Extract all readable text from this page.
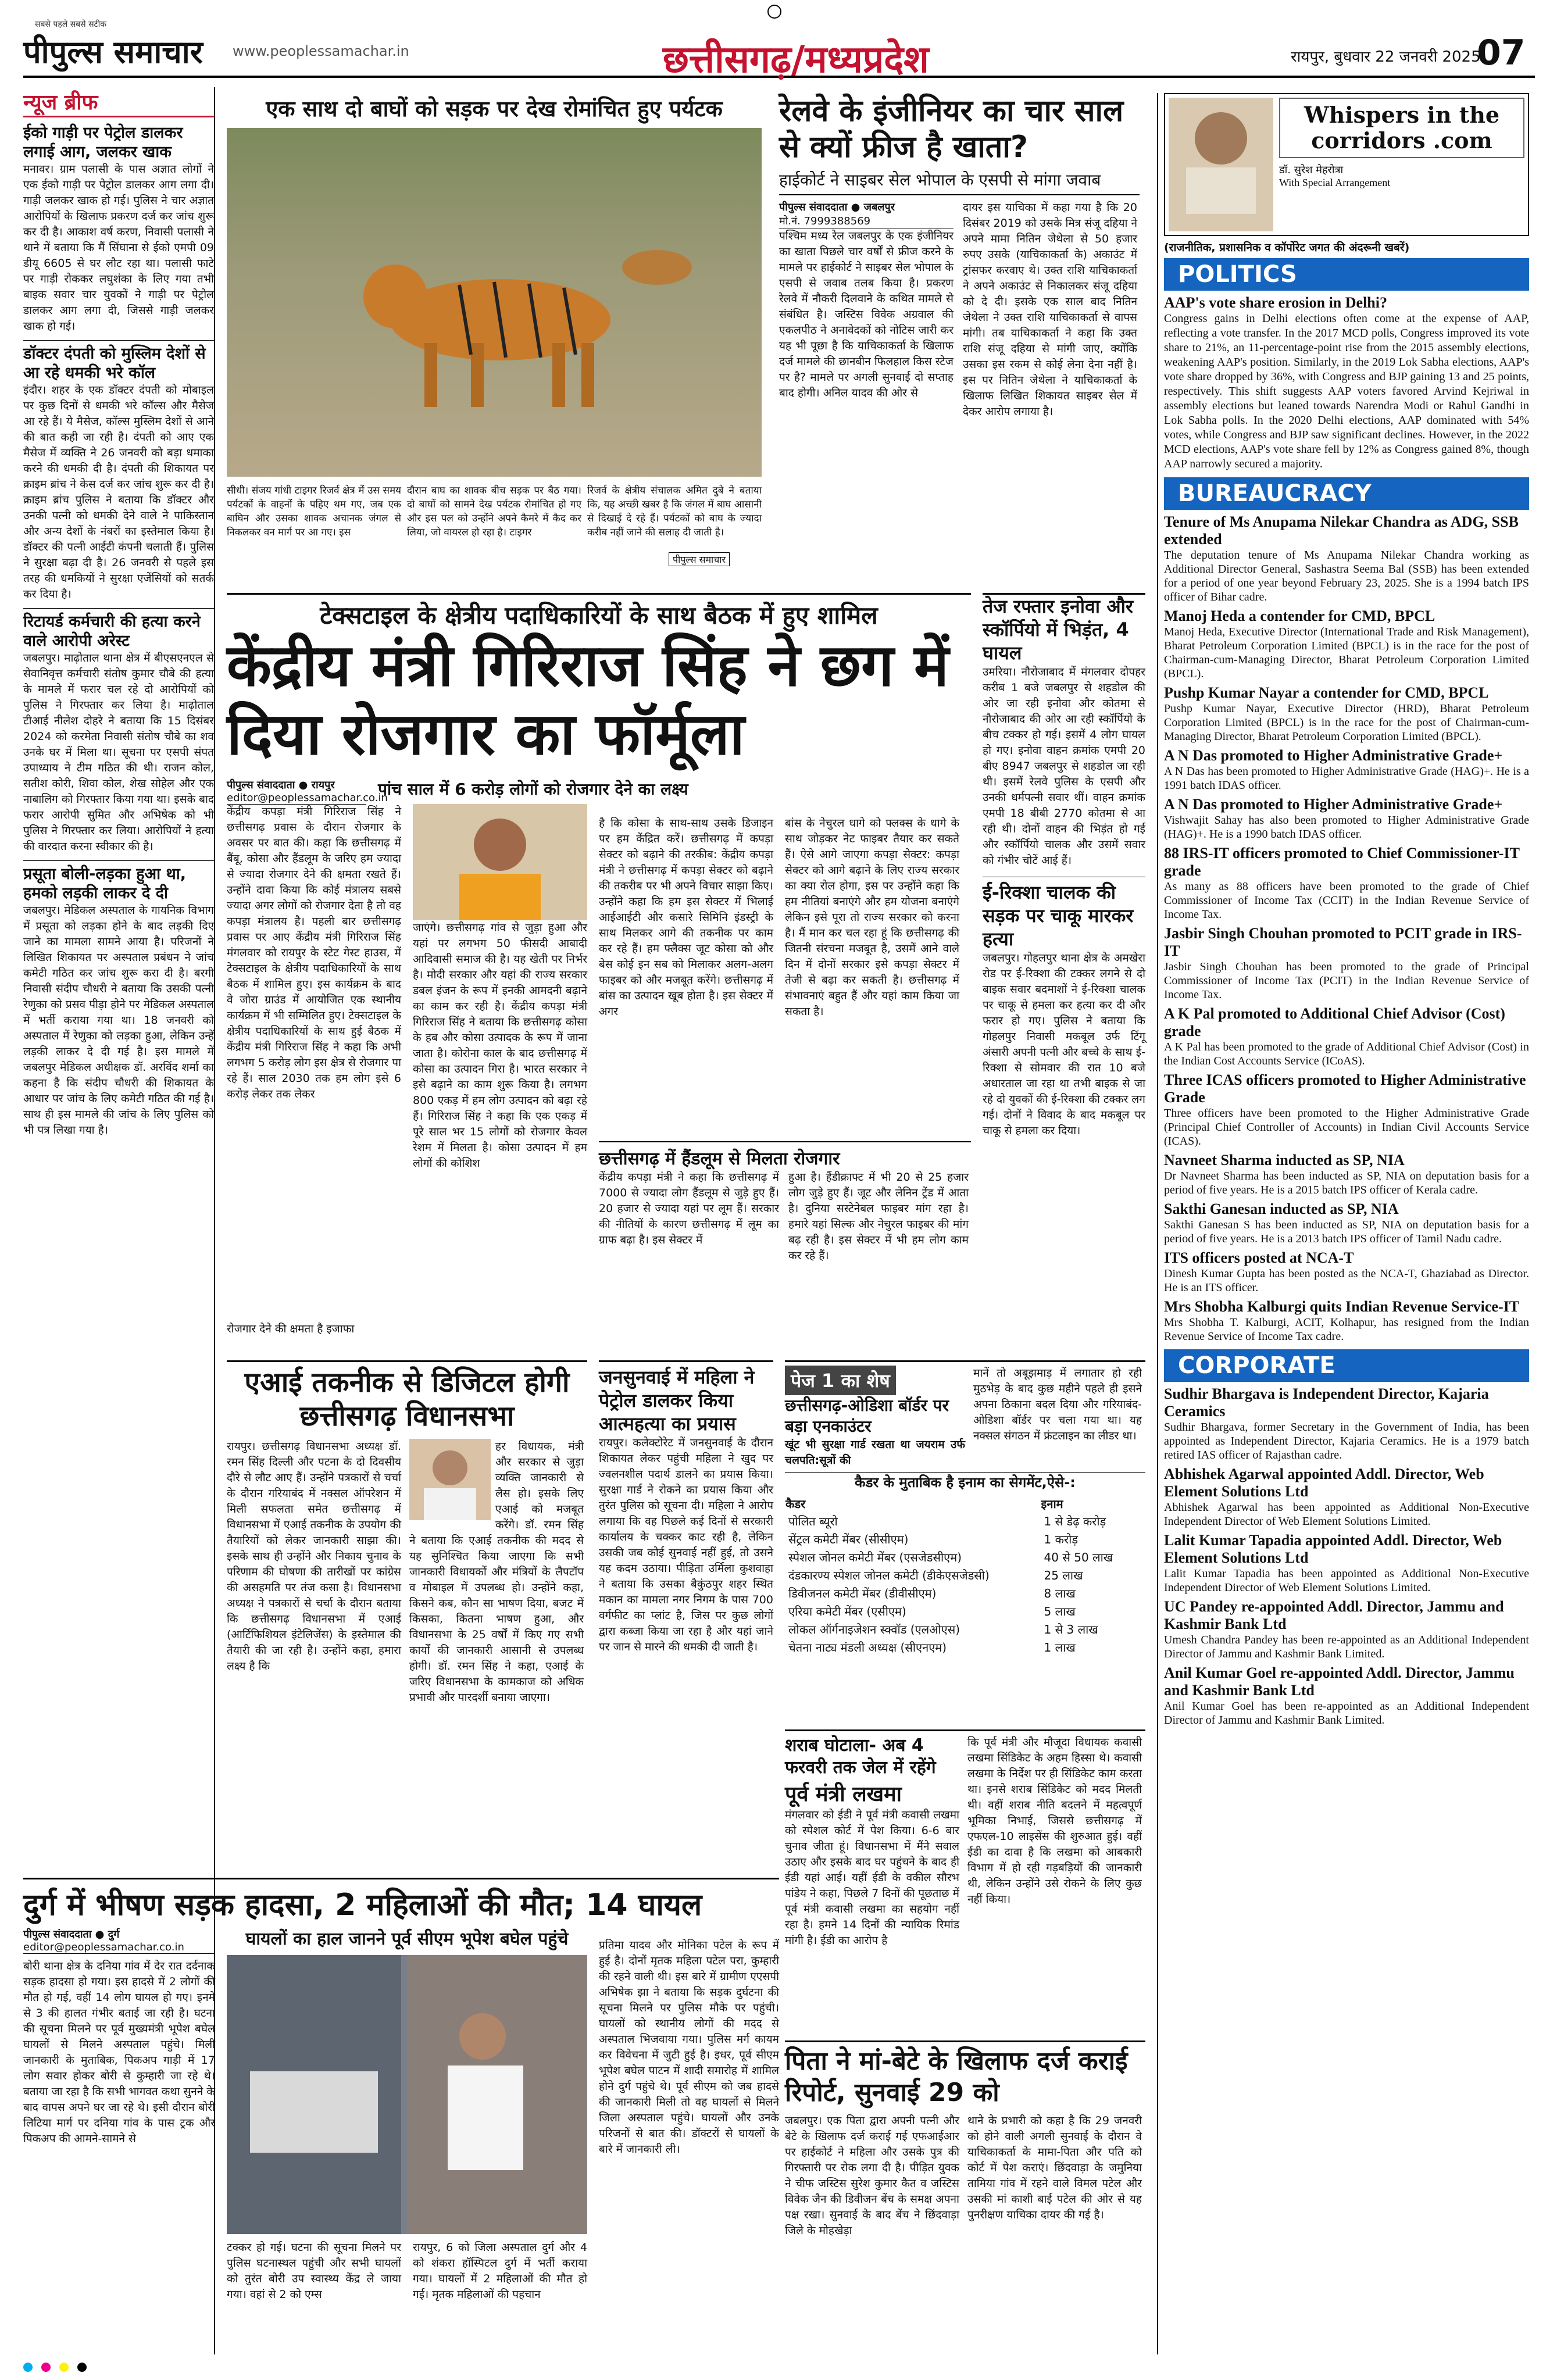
सबसे पहले सबसे सटीक
पीपुल्स समाचार www.peoplessamachar.in	छत्तीसगढ़/मध्यप्रदेश	रायपुर, बुधवार 22 जनवरी 2025
07
न्यूज ब्रीफ
ईको गाड़ी पर पेट्रोल डालकर लगाई आग, जलकर खाक
मनावर। ग्राम पलासी के पास अज्ञात लोगों ने एक ईको गाड़ी पर पेट्रोल डालकर आग लगा दी। गाड़ी जलकर खाक हो गई। पुलिस ने चार अज्ञात आरोपियों के खिलाफ प्रकरण दर्ज कर जांच शुरू कर दी है। आकाश वर्ष करण, निवासी पलासी ने थाने में बताया कि मैं सिंघाना से ईको एमपी 09 डीयू 6605 से घर लौट रहा था। पलासी फाटे पर गाड़ी रोककर लघुशंका के लिए गया तभी बाइक सवार चार युवकों ने गाड़ी पर पेट्रोल डालकर आग लगा दी, जिससे गाड़ी जलकर खाक हो गई।
डॉक्टर दंपती को मुस्लिम देशों से आ रहे धमकी भरे कॉल
इंदौर। शहर के एक डॉक्टर दंपती को मोबाइल पर कुछ दिनों से धमकी भरे कॉल्स और मैसेज आ रहे हैं। ये मैसेज, कॉल्स मुस्लिम देशों से आने की बात कही जा रही है। दंपती को आए एक मैसेज में व्यक्ति ने 26 जनवरी को बड़ा धमाका करने की धमकी दी है। दंपती की शिकायत पर क्राइम ब्रांच ने केस दर्ज कर जांच शुरू कर दी है। क्राइम ब्रांच पुलिस ने बताया कि डॉक्टर और उनकी पत्नी को धमकी देने वाले ने पाकिस्तान और अन्य देशों के नंबरों का इस्तेमाल किया है। डॉक्टर की पत्नी आईटी कंपनी चलाती हैं। पुलिस ने सुरक्षा बढ़ा दी है। 26 जनवरी से पहले इस तरह की धमकियों ने सुरक्षा एजेंसियों को सतर्क कर दिया है।
रिटायर्ड कर्मचारी की हत्या करने वाले आरोपी अरेस्ट
जबलपुर। माढ़ोताल थाना क्षेत्र में बीएसएनएल से सेवानिवृत्त कर्मचारी संतोष कुमार चौबे की हत्या के मामले में फरार चल रहे दो आरोपियों को पुलिस ने गिरफ्तार कर लिया है। माढ़ोताल टीआई नीलेश दोहरे ने बताया कि 15 दिसंबर 2024 को करमेता निवासी संतोष चौबे का शव उनके घर में मिला था। सूचना पर एसपी संपत उपाध्याय ने टीम गठित की थी। राजन कोल, सतीश कोरी, शिवा कोल, शेख सोहेल और एक नाबालिग को गिरफ्तार किया गया था। इसके बाद फरार आरोपी सुमित और अभिषेक को भी पुलिस ने गिरफ्तार कर लिया। आरोपियों ने हत्या की वारदात करना स्वीकार की है।
प्रसूता बोली-लड़का हुआ था, हमको लड़की लाकर दे दी
जबलपुर। मेडिकल अस्पताल के गायनिक विभाग में प्रसूता को लड़का होने के बाद लड़की दिए जाने का मामला सामने आया है। परिजनों ने लिखित शिकायत पर अस्पताल प्रबंधन ने जांच कमेटी गठित कर जांच शुरू करा दी है। बरगी निवासी संदीप चौधरी ने बताया कि उसकी पत्नी रेणुका को प्रसव पीड़ा होने पर मेडिकल अस्पताल में भर्ती कराया गया था। 18 जनवरी को अस्पताल में रेणुका को लड़का हुआ, लेकिन उन्हें लड़की लाकर दे दी गई है। इस मामले में जबलपुर मेडिकल अधीक्षक डॉ. अरविंद शर्मा का कहना है कि संदीप चौधरी की शिकायत के आधार पर जांच के लिए कमेटी गठित की गई है। साथ ही इस मामले की जांच के लिए पुलिस को भी पत्र लिखा गया है।
एक साथ दो बाघों को सड़क पर देख रोमांचित हुए पर्यटक
सीधी। संजय गांधी टाइगर रिजर्व क्षेत्र में उस समय पर्यटकों के वाहनों के पहिए थम गए, जब एक बाघिन और उसका शावक अचानक जंगल से निकलकर वन मार्ग पर आ गए। इस
दौरान बाघ का शावक बीच सड़क पर बैठ गया। दो बाघों को सामने देख पर्यटक रोमांचित हो गए और इस पल को उन्होंने अपने कैमरे में कैद कर लिया, जो वायरल हो रहा है। टाइगर
रिजर्व के क्षेत्रीय संचालक अमित दुबे ने बताया कि, यह अच्छी खबर है कि जंगल में बाघ आसानी से दिखाई दे रहे हैं। पर्यटकों को बाघ के ज्यादा करीब नहीं जाने की सलाह दी जाती है।
पीपुल्स समाचार
रेलवे के इंजीनियर का चार साल से क्यों फ्रीज है खाता?
हाईकोर्ट ने साइबर सेल भोपाल के एसपी से मांगा जवाब
पीपुल्स संवाददाता ● जबलपुर
मो.नं. 7999388569
पश्चिम मध्य रेल जबलपुर के एक इंजीनियर का खाता पिछले चार वर्षों से फ्रीज करने के मामले पर हाईकोर्ट ने साइबर सेल भोपाल के एसपी से जवाब तलब किया है। प्रकरण रेलवे में नौकरी दिलवाने के कथित मामले से संबंधित है। जस्टिस विवेक अग्रवाल की एकलपीठ ने अनावेदकों को नोटिस जारी कर यह भी पूछा है कि याचिकाकर्ता के खिलाफ दर्ज मामले की छानबीन फिलहाल किस स्टेज पर है? मामले पर अगली सुनवाई दो सप्ताह बाद होगी। अनिल यादव की ओर से
दायर इस याचिका में कहा गया है कि 20 दिसंबर 2019 को उसके मित्र संजू दहिया ने अपने मामा नितिन जेथेला से 50 हजार रुपए उसके (याचिकाकर्ता के) अकाउंट में ट्रांसफर करवाए थे। उक्त राशि याचिकाकर्ता ने अपने अकाउंट से निकालकर संजू दहिया को दे दी। इसके एक साल बाद नितिन जेथेला ने उक्त राशि याचिकाकर्ता से वापस मांगी। तब याचिकाकर्ता ने कहा कि उक्त राशि संजू दहिया से मांगी जाए, क्योंकि उसका इस रकम से कोई लेना देना नहीं है। इस पर नितिन जेथेला ने याचिकाकर्ता के खिलाफ लिखित शिकायत साइबर सेल में देकर आरोप लगाया है।
Whispers in the corridors .com
डॉ. सुरेश मेहरोत्रा
With Special Arrangement
(राजनीतिक, प्रशासनिक व कॉर्पोरेट जगत की अंदरूनी खबरें)
POLITICS
AAP's vote share erosion in Delhi?
Congress gains in Delhi elections often come at the expense of AAP, reflecting a vote transfer. In the 2017 MCD polls, Congress improved its vote share to 21%, an 11-percentage-point rise from the 2015 assembly elections, weakening AAP's position. Similarly, in the 2019 Lok Sabha elections, AAP's vote share dropped by 36%, with Congress and BJP gaining 13 and 25 points, respectively. This shift suggests AAP voters favored Arvind Kejriwal in assembly elections but leaned towards Narendra Modi or Rahul Gandhi in Lok Sabha polls. In the 2020 Delhi elections, AAP dominated with 54% votes, while Congress and BJP saw significant declines. However, in the 2022 MCD elections, AAP's vote share fell by 12% as Congress gained 8%, though AAP narrowly secured a majority.
BUREAUCRACY
Tenure of Ms Anupama Nilekar Chandra as ADG, SSB extended
The deputation tenure of Ms Anupama Nilekar Chandra working as Additional Director General, Sashastra Seema Bal (SSB) has been extended for a period of one year beyond February 23, 2025. She is a 1994 batch IPS officer of Bihar cadre.
Manoj Heda a contender for CMD, BPCL
Manoj Heda, Executive Director (International Trade and Risk Management), Bharat Petroleum Corporation Limited (BPCL) is in the race for the post of Chairman-cum-Managing Director, Bharat Petroleum Corporation Limited (BPCL).
Pushp Kumar Nayar a contender for CMD, BPCL
Pushp Kumar Nayar, Executive Director (HRD), Bharat Petroleum Corporation Limited (BPCL) is in the race for the post of Chairman-cum-Managing Director, Bharat Petroleum Corporation Limited (BPCL).
A N Das promoted to Higher Administrative Grade+
A N Das has been promoted to Higher Administrative Grade (HAG)+. He is a 1991 batch IDAS officer.
A N Das promoted to Higher Administrative Grade+
Vishwajit Sahay has also been promoted to Higher Administrative Grade (HAG)+. He is a 1990 batch IDAS officer.
88 IRS-IT officers promoted to Chief Commissioner-IT grade
As many as 88 officers have been promoted to the grade of Chief Commissioner of Income Tax (CCIT) in the Indian Revenue Service of Income Tax.
Jasbir Singh Chouhan promoted to PCIT grade in IRS-IT
Jasbir Singh Chouhan has been promoted to the grade of Principal Commissioner of Income Tax (PCIT) in the Indian Revenue Service of Income Tax.
A K Pal promoted to Additional Chief Advisor (Cost) grade
A K Pal has been promoted to the grade of Additional Chief Advisor (Cost) in the Indian Cost Accounts Service (ICoAS).
Three ICAS officers promoted to Higher Administrative Grade
Three officers have been promoted to the Higher Administrative Grade (Principal Chief Controller of Accounts) in Indian Civil Accounts Service (ICAS).
Navneet Sharma inducted as SP, NIA
Dr Navneet Sharma has been inducted as SP, NIA on deputation basis for a period of five years. He is a 2015 batch IPS officer of Kerala cadre.
Sakthi Ganesan inducted as SP, NIA
Sakthi Ganesan S has been inducted as SP, NIA on deputation basis for a period of five years. He is a 2013 batch IPS officer of Tamil Nadu cadre.
ITS officers posted at NCA-T
Dinesh Kumar Gupta has been posted as the NCA-T, Ghaziabad as Director. He is an ITS officer.
Mrs Shobha Kalburgi quits Indian Revenue Service-IT
Mrs Shobha T. Kalburgi, ACIT, Kolhapur, has resigned from the Indian Revenue Service of Income Tax cadre.
CORPORATE
Sudhir Bhargava is Independent Director, Kajaria Ceramics
Sudhir Bhargava, former Secretary in the Government of India, has been appointed as Independent Director, Kajaria Ceramics. He is a 1979 batch retired IAS officer of Rajasthan cadre.
Abhishek Agarwal appointed Addl. Director, Web Element Solutions Ltd
Abhishek Agarwal has been appointed as Additional Non-Executive Independent Director of Web Element Solutions Limited.
Lalit Kumar Tapadia appointed Addl. Director, Web Element Solutions Ltd
Lalit Kumar Tapadia has been appointed as Additional Non-Executive Independent Director of Web Element Solutions Limited.
UC Pandey re-appointed Addl. Director, Jammu and Kashmir Bank Ltd
Umesh Chandra Pandey has been re-appointed as an Additional Independent Director of Jammu and Kashmir Bank Limited.
Anil Kumar Goel re-appointed Addl. Director, Jammu and Kashmir Bank Ltd
Anil Kumar Goel has been re-appointed as an Additional Independent Director of Jammu and Kashmir Bank Limited.
टेक्सटाइल के क्षेत्रीय पदाधिकारियों के साथ बैठक में हुए शामिल
केंद्रीय मंत्री गिरिराज सिंह ने छग में दिया रोजगार का फॉर्मूला
पीपुल्स संवाददाता ● रायपुर
editor@peoplessamachar.co.in
पांच साल में 6 करोड़ लोगों को रोजगार देने का लक्ष्य
केंद्रीय कपड़ा मंत्री गिरिराज सिंह ने छत्तीसगढ़ प्रवास के दौरान रोजगार के अवसर पर बात की। कहा कि छत्तीसगढ़ में बैंबू, कोसा और हैंडलूम के जरिए हम ज्यादा से ज्यादा रोजगार देने की क्षमता रखते हैं। उन्होंने दावा किया कि कोई मंत्रालय सबसे ज्यादा अगर लोगों को रोजगार देता है तो वह कपड़ा मंत्रालय है। पहली बार छत्तीसगढ़ प्रवास पर आए केंद्रीय मंत्री गिरिराज सिंह मंगलवार को रायपुर के स्टेट गेस्ट हाउस, में टेक्सटाइल के क्षेत्रीय पदाधिकारियों के साथ बैठक में शामिल हुए। इस कार्यक्रम के बाद वे जोरा ग्राउंड में आयोजित एक स्थानीय कार्यक्रम में भी सम्मिलित हुए। टेक्सटाइल के क्षेत्रीय पदाधिकारियों के साथ हुई बैठक में केंद्रीय मंत्री गिरिराज सिंह ने कहा कि अभी लगभग 5 करोड़ लोग इस क्षेत्र से रोजगार पा रहे हैं। साल 2030 तक हम लोग इसे 6 करोड़ लेकर तक लेकर
जाएंगे। छत्तीसगढ़ गांव से जुड़ा हुआ और यहां पर लगभग 50 फीसदी आबादी आदिवासी समाज की है। यह खेती पर निर्भर है। मोदी सरकार और यहां की राज्य सरकार डबल इंजन के रूप में इनकी आमदनी बढ़ाने का काम कर रही है। केंद्रीय कपड़ा मंत्री गिरिराज सिंह ने बताया कि छत्तीसगढ़ कोसा के हब और कोसा उत्पादक के रूप में जाना जाता है। कोरोना काल के बाद छत्तीसगढ़ में कोसा का उत्पादन गिरा है। भारत सरकार ने इसे बढ़ाने का काम शुरू किया है। लगभग 800 एकड़ में हम लोग उत्पादन को बढ़ा रहे हैं। गिरिराज सिंह ने कहा कि एक एकड़ में पूरे साल भर 15 लोगों को रोजगार केवल रेशम में मिलता है। कोसा उत्पादन में हम लोगों की कोशिश
है कि कोसा के साथ-साथ उसके डिजाइन पर हम केंद्रित करें। छत्तीसगढ़ में कपड़ा सेक्टर को बढ़ाने की तरकीब: केंद्रीय कपड़ा मंत्री ने छत्तीसगढ़ में कपड़ा सेक्टर को बढ़ाने की तकरीब पर भी अपने विचार साझा किए। उन्होंने कहा कि हम इस सेक्टर में भिलाई आईआईटी और कसारे सिमिनि इंडस्ट्री के साथ मिलकर आगे की तकनीक पर काम कर रहे हैं। हम फ्लैक्स जूट कोसा को और बेस कोई इन सब को मिलाकर अलग-अलग फाइबर को और मजबूत करेंगे। छत्तीसगढ़ में बांस का उत्पादन खूब होता है। इस सेक्टर में अगर
बांस के नेचुरल धागे को फ्लक्स के धागे के साथ जोड़कर नेट फाइबर तैयार कर सकते हैं। ऐसे आगे जाएगा कपड़ा सेक्टर: कपड़ा सेक्टर को आगे बढ़ाने के लिए राज्य सरकार का क्या रोल होगा, इस पर उन्होंने कहा कि हम नीतियां बनाएंगे और हम योजना बनाएंगे लेकिन इसे पूरा तो राज्य सरकार को करना है। मैं मान कर चल रहा हूं कि छत्तीसगढ़ की जितनी संरचना मजबूत है, उसमें आने वाले दिन में दोनों सरकार इसे कपड़ा सेक्टर में तेजी से बढ़ा कर सकती है। छत्तीसगढ़ में संभावनाएं बहुत हैं और यहां काम किया जा सकता है।
छत्तीसगढ़ में हैंडलूम से मिलता रोजगार
केंद्रीय कपड़ा मंत्री ने कहा कि छत्तीसगढ़ में 7000 से ज्यादा लोग हैंडलूम से जुड़े हुए हैं। 20 हजार से ज्यादा यहां पर लूम हैं। सरकार की नीतियों के कारण छत्तीसगढ़ में लूम का ग्राफ बढ़ा है। इस सेक्टर में
हुआ है। हैंडीक्राफ्ट में भी 20 से 25 हजार लोग जुड़े हुए हैं। जूट और लेनिन ट्रेंड में आता है। दुनिया सस्टेनेबल फाइबर मांग रहा है। हमारे यहां सिल्क और नेचुरल फाइबर की मांग बढ़ रही है। इस सेक्टर में भी हम लोग काम कर रहे हैं।
रोजगार देने की क्षमता है इजाफा
तेज रफ्तार इनोवा और स्कॉर्पियो में भिड़ंत, 4 घायल
उमरिया। नौरोजाबाद में मंगलवार दोपहर करीब 1 बजे जबलपुर से शहडोल की ओर जा रही इनोवा और कोतमा से नौरोजाबाद की ओर आ रही स्कॉर्पियो के बीच टक्कर हो गई। इसमें 4 लोग घायल हो गए। इनोवा वाहन क्रमांक एमपी 20 बीए 8947 जबलपुर से शहडोल जा रही थी। इसमें रेलवे पुलिस के एसपी और उनकी धर्मपत्नी सवार थीं। वाहन क्रमांक एमपी 18 बीबी 2770 कोतमा से आ रही थी। दोनों वाहन की भिड़ंत हो गई और स्कॉर्पियो चालक और उसमें सवार को गंभीर चोटें आई हैं।
ई-रिक्शा चालक की सड़क पर चाकू मारकर हत्या
जबलपुर। गोहलपुर थाना क्षेत्र के अमखेरा रोड पर ई-रिक्शा की टक्कर लगने से दो बाइक सवार बदमाशों ने ई-रिक्शा चालक पर चाकू से हमला कर हत्या कर दी और फरार हो गए। पुलिस ने बताया कि गोहलपुर निवासी मकबूल उर्फ टिंगू अंसारी अपनी पत्नी और बच्चे के साथ ई-रिक्शा से सोमवार की रात 10 बजे अधारताल जा रहा था तभी बाइक से जा रहे दो युवकों की ई-रिक्शा की टक्कर लग गई। दोनों ने विवाद के बाद मकबूल पर चाकू से हमला कर दिया।
एआई तकनीक से डिजिटल होगी छत्तीसगढ़ विधानसभा
रायपुर। छत्तीसगढ़ विधानसभा अध्यक्ष डॉ. रमन सिंह दिल्ली और पटना के दो दिवसीय दौरे से लौट आए हैं। उन्होंने पत्रकारों से चर्चा के दौरान गरियाबंद में नक्सल ऑपरेशन में मिली सफलता समेत छत्तीसगढ़ में विधानसभा में एआई तकनीक के उपयोग की तैयारियों को लेकर जानकारी साझा की। इसके साथ ही उन्होंने और निकाय चुनाव के परिणाम की घोषणा की तारीखों पर कांग्रेस की असहमति पर तंज कसा है। विधानसभा अध्यक्ष ने पत्रकारों से चर्चा के दौरान बताया कि छत्तीसगढ़ विधानसभा में एआई (आर्टिफिशियल इंटेलिजेंस) के इस्तेमाल की तैयारी की जा रही है। उन्होंने कहा, हमारा लक्ष्य है कि
हर विधायक, मंत्री और सरकार से जुड़ा व्यक्ति जानकारी से लैस हो। इसके लिए एआई को मजबूत करेंगे। डॉ. रमन सिंह ने बताया कि एआई तकनीक की मदद से यह सुनिश्चित किया जाएगा कि सभी जानकारी विधायकों और मंत्रियों के लैपटॉप व मोबाइल में उपलब्ध हो। उन्होंने कहा, किसने कब, कौन सा भाषण दिया, बजट में किसका, कितना भाषण हुआ, और विधानसभा के 25 वर्षों में किए गए सभी कार्यों की जानकारी आसानी से उपलब्ध होगी। डॉ. रमन सिंह ने कहा, एआई के जरिए विधानसभा के कामकाज को अधिक प्रभावी और पारदर्शी बनाया जाएगा।
जनसुनवाई में महिला ने पेट्रोल डालकर किया आत्महत्या का प्रयास
रायपुर। कलेक्टोरेट में जनसुनवाई के दौरान शिकायत लेकर पहुंची महिला ने खुद पर ज्वलनशील पदार्थ डालने का प्रयास किया। सुरक्षा गार्ड ने रोकने का प्रयास किया और तुरंत पुलिस को सूचना दी। महिला ने आरोप लगाया कि वह पिछले कई दिनों से सरकारी कार्यालय के चक्कर काट रही है, लेकिन उसकी जब कोई सुनवाई नहीं हुई, तो उसने यह कदम उठाया। पीड़िता उर्मिला कुशवाहा ने बताया कि उसका बैकुंठपुर शहर स्थित मकान का मामला नगर निगम के पास 700 वर्गफीट का प्लांट है, जिस पर कुछ लोगों द्वारा कब्जा किया जा रहा है और यहां जाने पर जान से मारने की धमकी दी जाती है।
पेज 1 का शेष
छत्तीसगढ़-ओडिशा बॉर्डर पर बड़ा एनकाउंटर
खूंट भी सुरक्षा गार्ड रखता था जयराम उर्फ चलपति:सूत्रों की
मानें तो अबूझमाड़ में लगातार हो रही मुठभेड़ के बाद कुछ महीने पहले ही इसने अपना ठिकाना बदल दिया और गरियाबंद-ओडिशा बॉर्डर पर चला गया था। यह नक्सल संगठन में फ्रंटलाइन का लीडर था।
कैडर के मुताबिक है इनाम का सेगमेंट,ऐसे-:
कैडर	इनाम
पोलित ब्यूरो	1 से डेढ़ करोड़
सेंट्रल कमेटी मेंबर (सीसीएम)	1 करोड़
स्पेशल जोनल कमेटी मेंबर (एसजेडसीएम)	40 से 50 लाख
दंडकारण्य स्पेशल जोनल कमेटी (डीकेएसजेडसी)	25 लाख
डिवीजनल कमेटी मेंबर (डीवीसीएम)	8 लाख
एरिया कमेटी मेंबर (एसीएम)	5 लाख
लोकल ऑर्गनाइजेशन स्क्वॉड (एलओएस)	1 से 3 लाख
चेतना नाट्य मंडली अध्यक्ष (सीएनएम)	1 लाख
शराब घोटाला- अब 4 फरवरी तक जेल में रहेंगे
पूर्व मंत्री लखमा
मंगलवार को ईडी ने पूर्व मंत्री कवासी लखमा को स्पेशल कोर्ट में पेश किया। 6-6 बार चुनाव जीता हूं। विधानसभा में मैंने सवाल उठाए और इसके बाद घर पहुंचने के बाद ही ईडी यहां आई। यहीं ईडी के वकील सौरभ पांडेय ने कहा, पिछले 7 दिनों की पूछताछ में पूर्व मंत्री कवासी लखमा का सहयोग नहीं रहा है। हमने 14 दिनों की न्यायिक रिमांड मांगी है। ईडी का आरोप है
कि पूर्व मंत्री और मौजूदा विधायक कवासी लखमा सिंडिकेट के अहम हिस्सा थे। कवासी लखमा के निर्देश पर ही सिंडिकेट काम करता था। इनसे शराब सिंडिकेट को मदद मिलती थी। वहीं शराब नीति बदलने में महत्वपूर्ण भूमिका निभाई, जिससे छत्तीसगढ़ में एफएल-10 लाइसेंस की शुरुआत हुई। वहीं ईडी का दावा है कि लखमा को आबकारी विभाग में हो रही गड़बड़ियों की जानकारी थी, लेकिन उन्होंने उसे रोकने के लिए कुछ नहीं किया।
दुर्ग में भीषण सड़क हादसा, 2 महिलाओं की मौत; 14 घायल
पीपुल्स संवाददाता ● दुर्ग
editor@peoplessamachar.co.in
बोरी थाना क्षेत्र के दनिया गांव में देर रात दर्दनाक सड़क हादसा हो गया। इस हादसे में 2 लोगों की मौत हो गई, वहीं 14 लोग घायल हो गए। इनमें से 3 की हालत गंभीर बताई जा रही है। घटना की सूचना मिलने पर पूर्व मुख्यमंत्री भूपेश बघेल घायलों से मिलने अस्पताल पहुंचे। मिली जानकारी के मुताबिक, पिकअप गाड़ी में 17 लोग सवार होकर बोरी से कुम्हारी जा रहे थे। बताया जा रहा है कि सभी भागवत कथा सुनने के बाद वापस अपने घर जा रहे थे। इसी दौरान बोरी लिटिया मार्ग पर दनिया गांव के पास ट्रक और पिकअप की आमने-सामने से
घायलों का हाल जानने पूर्व सीएम भूपेश बघेल पहुंचे
टक्कर हो गई। घटना की सूचना मिलने पर पुलिस घटनास्थल पहुंची और सभी घायलों को तुरंत बोरी उप स्वास्थ्य केंद्र ले जाया गया। वहां से 2 को एम्स
रायपुर, 6 को जिला अस्पताल दुर्ग और 4 को शंकरा हॉस्पिटल दुर्ग में भर्ती कराया गया। घायलों में 2 महिलाओं की मौत हो गई। मृतक महिलाओं की पहचान
प्रतिमा यादव और मोनिका पटेल के रूप में हुई है। दोनों मृतक महिला पटेल परा, कुम्हारी की रहने वाली थी। इस बारे में ग्रामीण एएसपी अभिषेक झा ने बताया कि सड़क दुर्घटना की सूचना मिलने पर पुलिस मौके पर पहुंची। घायलों को स्थानीय लोगों की मदद से अस्पताल भिजवाया गया। पुलिस मर्ग कायम कर विवेचना में जुटी हुई है। इधर, पूर्व सीएम भूपेश बघेल पाटन में शादी समारोह में शामिल होने दुर्ग पहुंचे थे। पूर्व सीएम को जब हादसे की जानकारी मिली तो वह घायलों से मिलने जिला अस्पताल पहुंचे। घायलों और उनके परिजनों से बात की। डॉक्टरों से घायलों के बारे में जानकारी ली।
पिता ने मां-बेटे के खिलाफ दर्ज कराई रिपोर्ट, सुनवाई 29 को
जबलपुर। एक पिता द्वारा अपनी पत्नी और बेटे के खिलाफ दर्ज कराई गई एफआईआर पर हाईकोर्ट ने महिला और उसके पुत्र की गिरफ्तारी पर रोक लगा दी है। पीड़ित युवक ने चीफ जस्टिस सुरेश कुमार कैत व जस्टिस विवेक जैन की डिवीजन बेंच के समक्ष अपना पक्ष रखा। सुनवाई के बाद बेंच ने छिंदवाड़ा जिले के मोहखेड़ा
थाने के प्रभारी को कहा है कि 29 जनवरी को होने वाली अगली सुनवाई के दौरान वे याचिकाकर्ता के मामा-पिता और पति को कोर्ट में पेश कराएं। छिंदवाड़ा के जमुनिया तामिया गांव में रहने वाले विमल पटेल और उसकी मां काशी बाई पटेल की ओर से यह पुनरीक्षण याचिका दायर की गई है।
